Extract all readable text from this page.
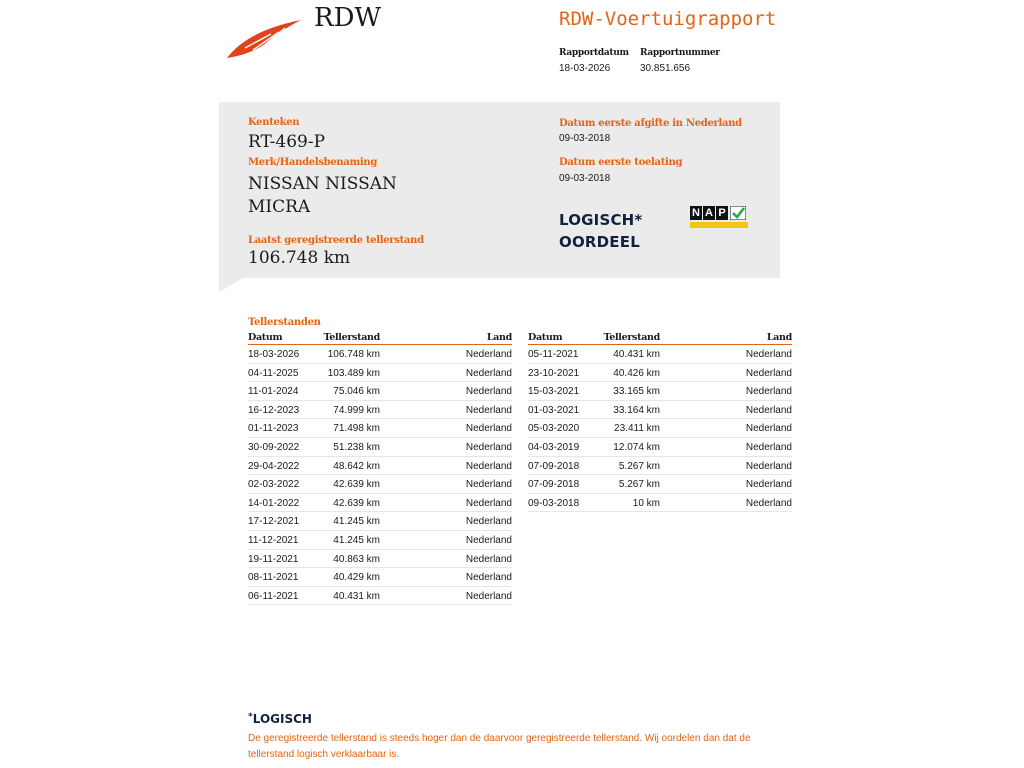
RDW	RDW-Voertuigrapport
Rapportdatum
18-03-2026
Rapportnummer
30.851.656
Kenteken
RT-469-P
Merk/Handelsbenaming
NISSAN NISSAN
MICRA
Laatst geregistreerde tellerstand
106.748 km
Datum eerste afgifte in Nederland
09-03-2018
Datum eerste toelating
09-03-2018
LOGISCH*
OORDEEL
N A P
Tellerstanden
Datum	Tellerstand	Land
18-03-2026	106.748 km	Nederland
04-11-2025	103.489 km	Nederland
11-01-2024	75.046 km	Nederland
16-12-2023	74.999 km	Nederland
01-11-2023	71.498 km	Nederland
30-09-2022	51.238 km	Nederland
29-04-2022	48.642 km	Nederland
02-03-2022	42.639 km	Nederland
14-01-2022	42.639 km	Nederland
17-12-2021	41.245 km	Nederland
11-12-2021	41.245 km	Nederland
19-11-2021	40.863 km	Nederland
08-11-2021	40.429 km	Nederland
06-11-2021	40.431 km	Nederland
Datum	Tellerstand	Land
05-11-2021	40.431 km	Nederland
23-10-2021	40.426 km	Nederland
15-03-2021	33.165 km	Nederland
01-03-2021	33.164 km	Nederland
05-03-2020	23.411 km	Nederland
04-03-2019	12.074 km	Nederland
07-09-2018	5.267 km	Nederland
07-09-2018	5.267 km	Nederland
09-03-2018	10 km	Nederland
*LOGISCH
De geregistreerde tellerstand is steeds hoger dan de daarvoor geregistreerde tellerstand. Wij oordelen dan dat de tellerstand logisch verklaarbaar is.
